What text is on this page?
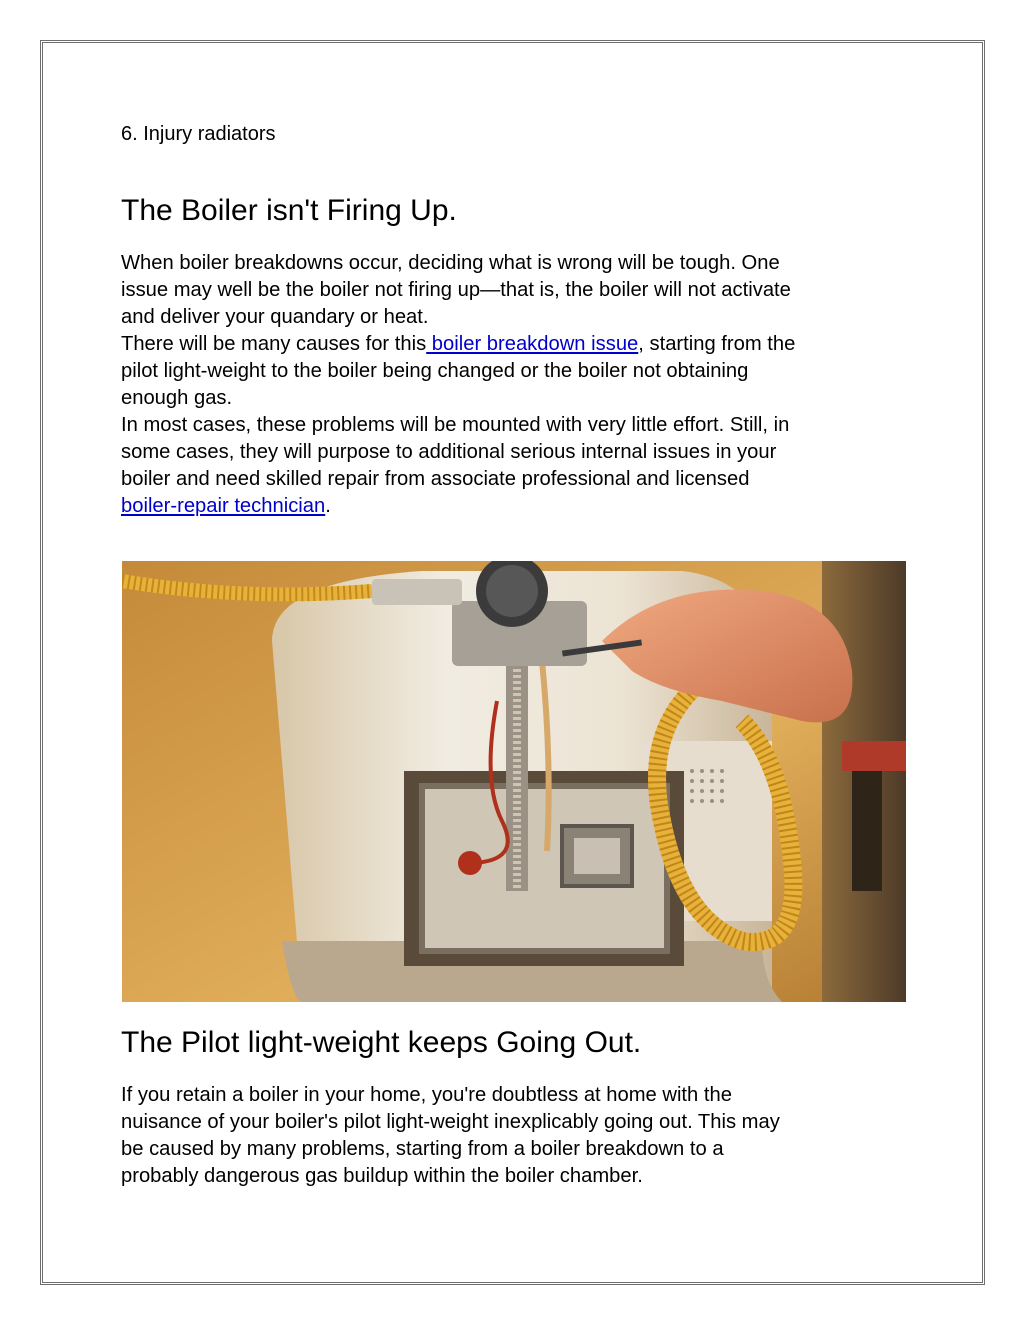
6. Injury radiators
The Boiler isn't Firing Up.
When boiler breakdowns occur, deciding what is wrong will be tough. One
issue may well be the boiler not firing up—that is, the boiler will not activate
and deliver your quandary or heat.
There will be many causes for this boiler breakdown issue, starting from the
pilot light-weight to the boiler being changed or the boiler not obtaining
enough gas.
In most cases, these problems will be mounted with very little effort. Still, in
some cases, they will purpose to additional serious internal issues in your
boiler and need skilled repair from associate professional and licensed
boiler-repair technician.
The Pilot light-weight keeps Going Out.
If you retain a boiler in your home, you're doubtless at home with the
nuisance of your boiler's pilot light-weight inexplicably going out. This may
be caused by many problems, starting from a boiler breakdown to a
probably dangerous gas buildup within the boiler chamber.
